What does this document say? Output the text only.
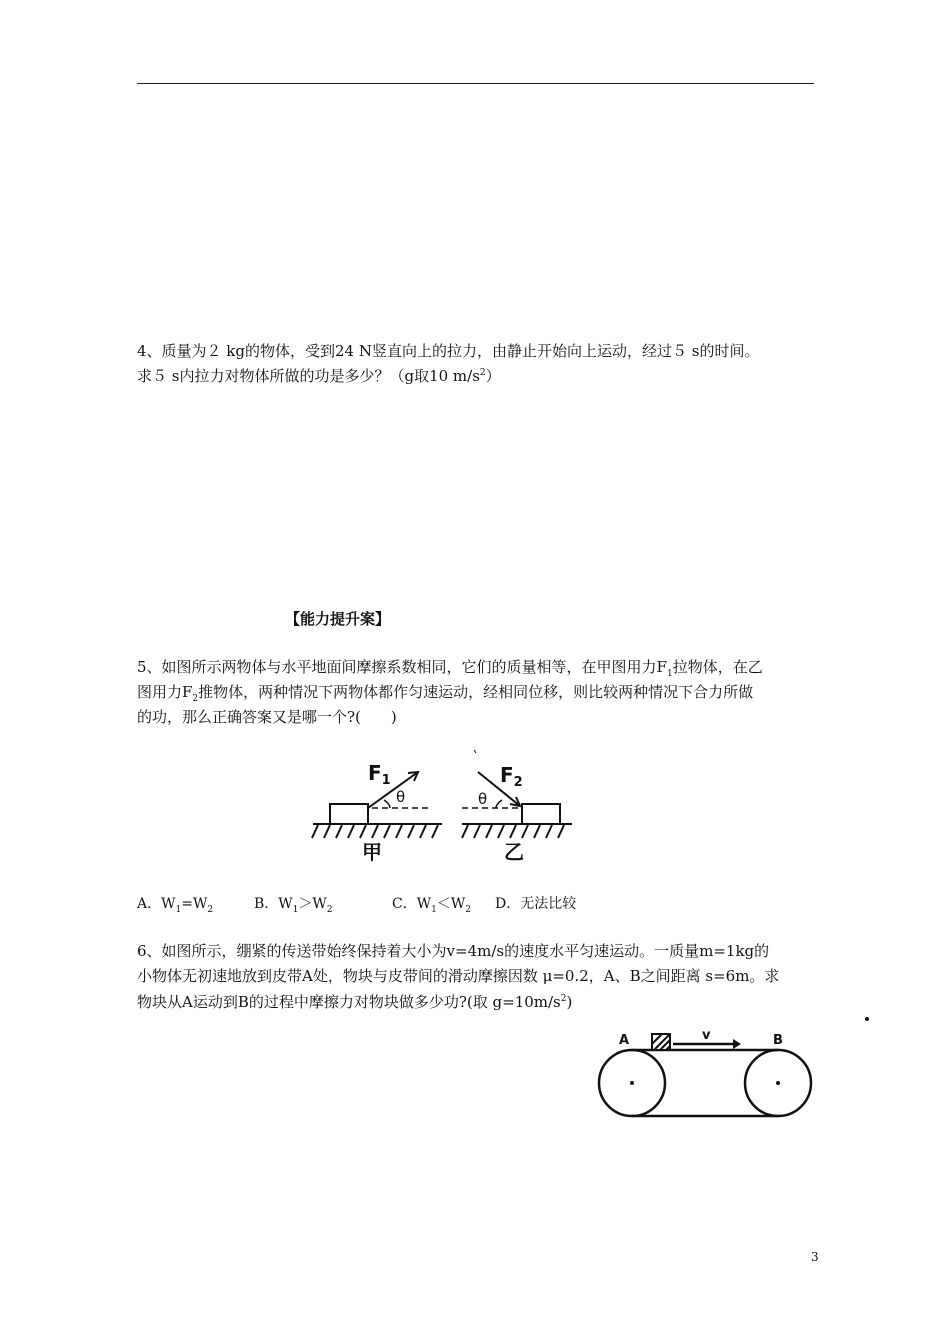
4、质量为２ kg的物体，受到24 N竖直向上的拉力，由静止开始向上运动，经过５ s的时间。
求５ s内拉力对物体所做的功是多少？（g取10 $m/s^2$）
【能力提升案】
5、如图所示两物体与水平地面间摩擦系数相同，它们的质量相等，在甲图用力$F_1$拉物体，在乙
图用力$F_2$推物体，两种情况下两物体都作匀速运动，经相同位移，则比较两种情况下合力所做
的功，那么正确答案又是哪一个?(　　)
$F_1$
θ
$F_2$
θ
甲	乙
A．$W_1=W_2$	B．$W_1>W_2$	C．$W_1<W_2$ D．无法比较
6、如图所示，绷紧的传送带始终保持着大小为v=4m/s的速度水平匀速运动。一质量m=1kg的
小物体无初速地放到皮带A处，物块与皮带间的滑动摩擦因数 μ=0.2，A、B之间距离 s=6m。求
物块从A运动到B的过程中摩擦力对物块做多少功?(取 $g=10m/s^2$)
A	v	B
3
